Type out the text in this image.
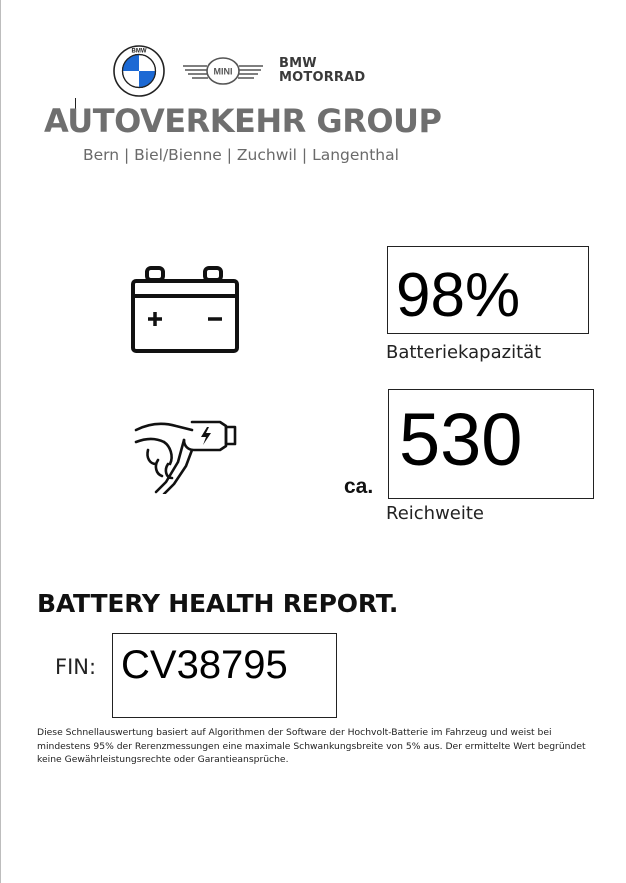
BMW
MINI
BMW
MOTORRAD
AUTOVERKEHR GROUP
Bern | Biel/Bienne | Zuchwil | Langenthal
98%
Batteriekapazität
ca.
530
Reichweite
BATTERY HEALTH REPORT.
FIN: CV38795

Diese Schnellauswertung basiert auf Algorithmen der Software der Hochvolt-Batterie im Fahrzeug und weist bei mindestens 95% der Rerenzmessungen eine maximale Schwankungsbreite von 5% aus. Der ermittelte Wert begründet keine Gewährleistungsrechte oder Garantieansprüche.
